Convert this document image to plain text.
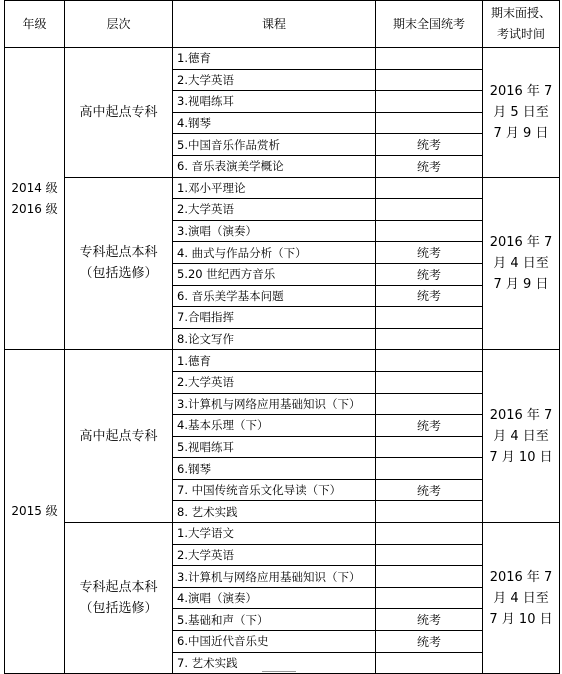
年级	层次	课程	期末全国统考	期末面授、
考试时间

2014 级
2016 级	高中起点专科	1.德育		2016 年 7
月 5 日至
7 月 9 日

		2.大学英语		
		3.视唱练耳		
		4.钢琴		
		5.中国音乐作品赏析	统考	
		6. 音乐表演美学概论	统考	

	专科起点本科
（包括选修）	1.邓小平理论		2016 年 7
月 4 日至
7 月 9 日

		2.大学英语		
		3.演唱（演奏）		
		4. 曲式与作品分析（下）	统考	
		5.20 世纪西方音乐	统考	
		6. 音乐美学基本问题	统考	
		7.合唱指挥		
		8.论文写作		

2015 级	高中起点专科	1.德育		2016 年 7
月 4 日至
7 月 10 日

		2.大学英语		
		3.计算机与网络应用基础知识（下）		
		4.基本乐理（下）	统考	
		5.视唱练耳		
		6.钢琴		
		7. 中国传统音乐文化导读（下）	统考	
		8. 艺术实践		

	专科起点本科
（包括选修）	1.大学语文		2016 年 7
月 4 日至
7 月 10 日

		2.大学英语		
		3.计算机与网络应用基础知识（下）		
		4.演唱（演奏）		
		5.基础和声（下）	统考	
		6.中国近代音乐史	统考	
		7. 艺术实践		
